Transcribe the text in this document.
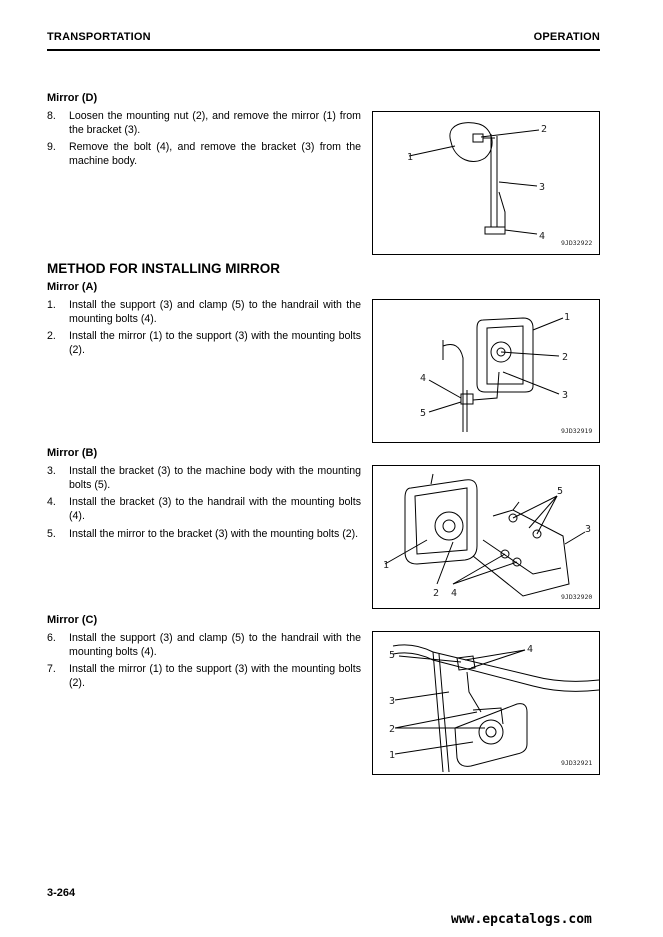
TRANSPORTATION	OPERATION
Mirror (D)
8. Loosen the mounting nut (2), and remove the mirror (1) from the bracket (3).
9. Remove the bolt (4), and remove the bracket (3) from the machine body.	1
2
3
4
9JD32922
METHOD FOR INSTALLING MIRROR
Mirror (A)
1. Install the support (3) and clamp (5) to the handrail with the mounting bolts (4).
2. Install the mirror (1) to the support (3) with the mounting bolts (2).
1
2
3
4
5
9JD32919
Mirror (B)
3. Install the bracket (3) to the machine body with the mounting bolts (5).
4. Install the bracket (3) to the handrail with the mounting bolts (4).
5. Install the mirror to the bracket (3) with the mounting bolts (2).
1
2 4
5
3
9JD32920
Mirror (C)
6. Install the support (3) and clamp (5) to the handrail with the mounting bolts (4).
7. Install the mirror (1) to the support (3) with the mounting bolts (2).
5
4
3
2
1
9JD32921
3-264
www.epcatalogs.com
